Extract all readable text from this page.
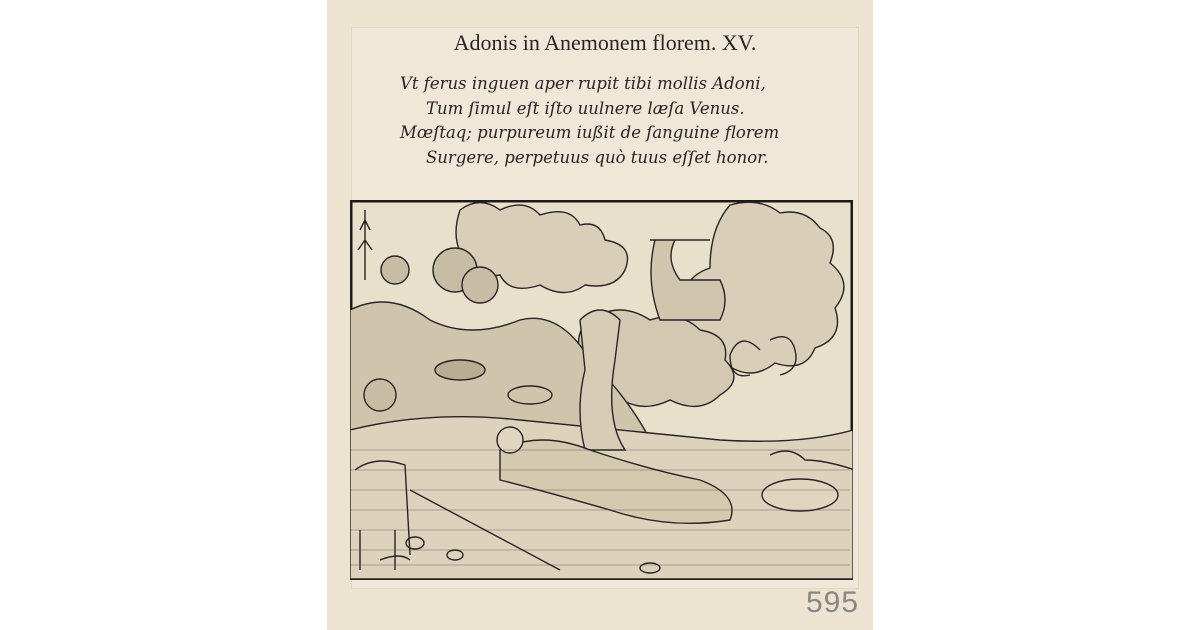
Adonis in Anemonem florem. XV.
Vt ferus inguen aper rupit tibi mollis Adoni,
Tum ſimul eſt iſto uulnere læſa Venus.
Mœſtaq; purpureum iußit de ſanguine florem
Surgere, perpetuus quò tuus eſſet honor.
595
